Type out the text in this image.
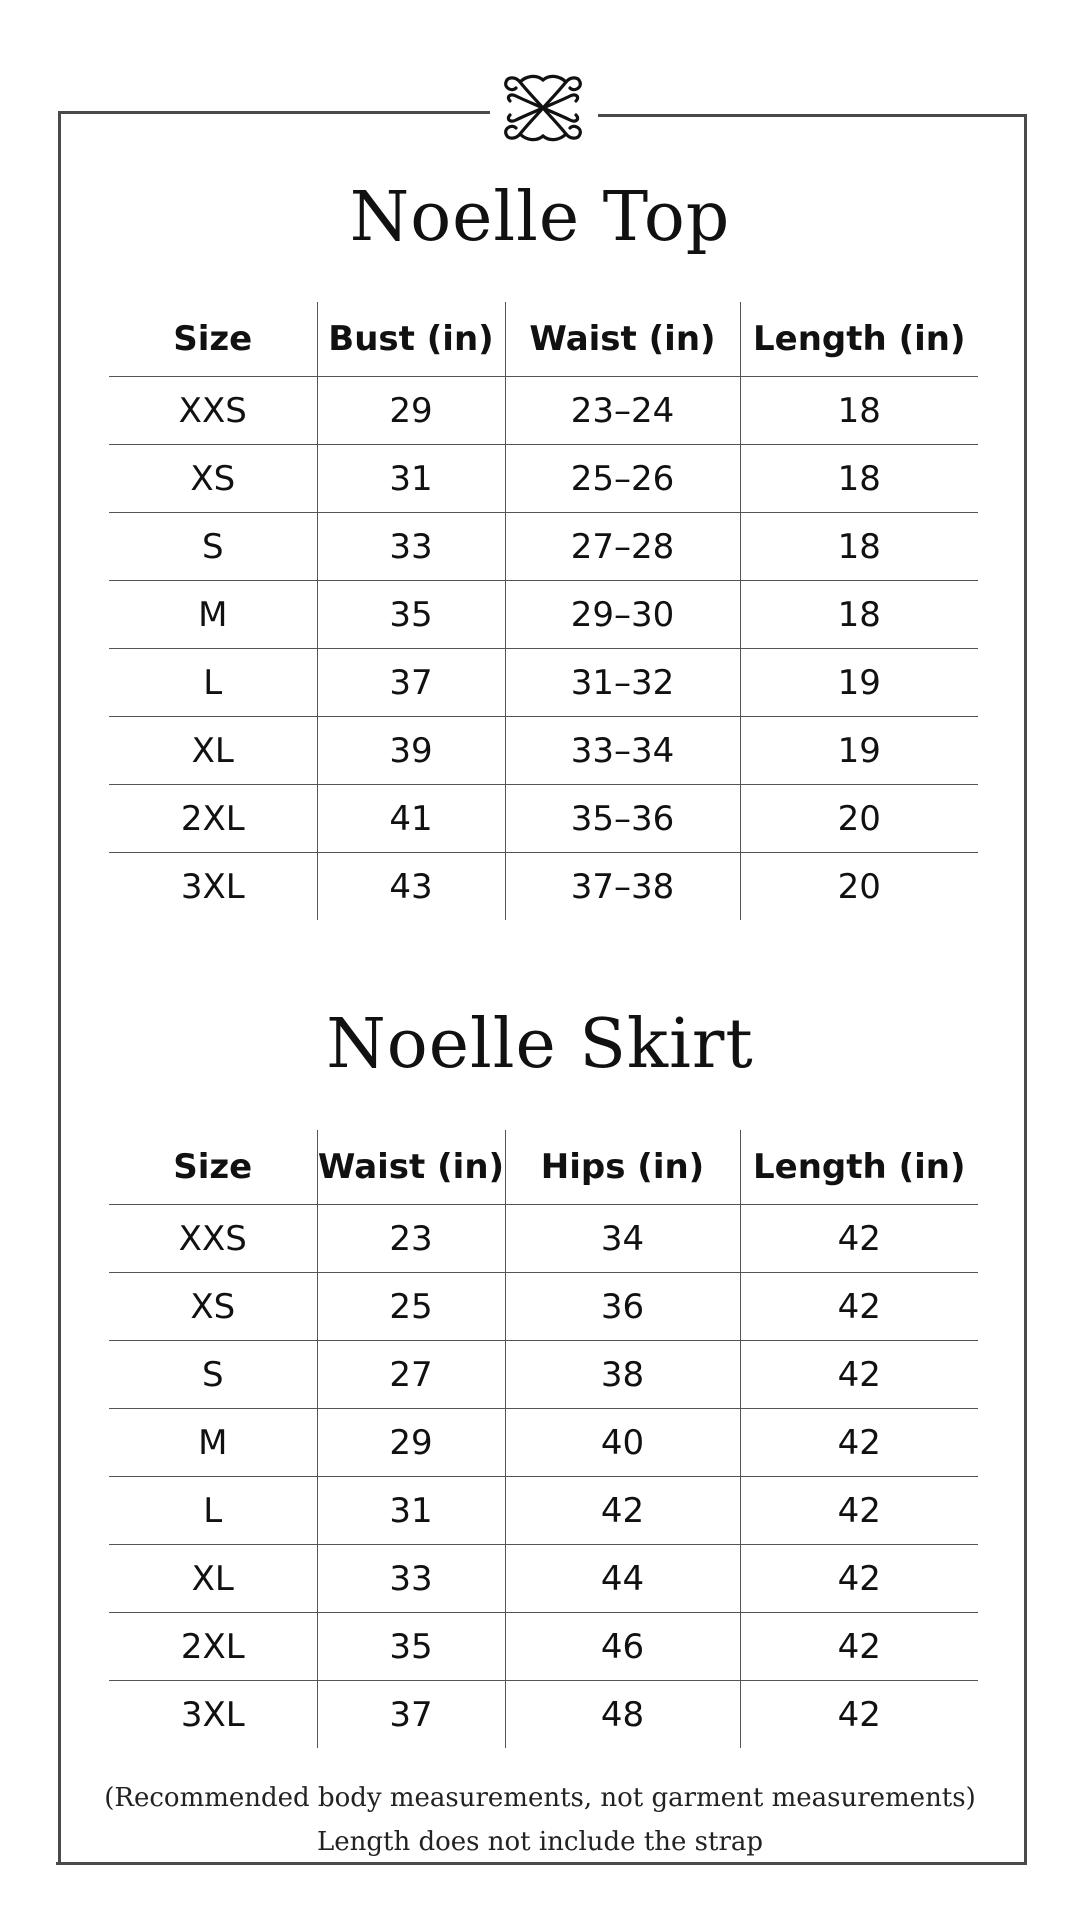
Noelle Top
Size	Bust (in)	Waist (in)	Length (in)
XXS	29	23–24	18
XS	31	25–26	18
S	33	27–28	18
M	35	29–30	18
L	37	31–32	19
XL	39	33–34	19
2XL	41	35–36	20
3XL	43	37–38	20
Noelle Skirt
Size	Waist (in)	Hips (in)	Length (in)
XXS	23	34	42
XS	25	36	42
S	27	38	42
M	29	40	42
L	31	42	42
XL	33	44	42
2XL	35	46	42
3XL	37	48	42
(Recommended body measurements, not garment measurements)
Length does not include the strap
